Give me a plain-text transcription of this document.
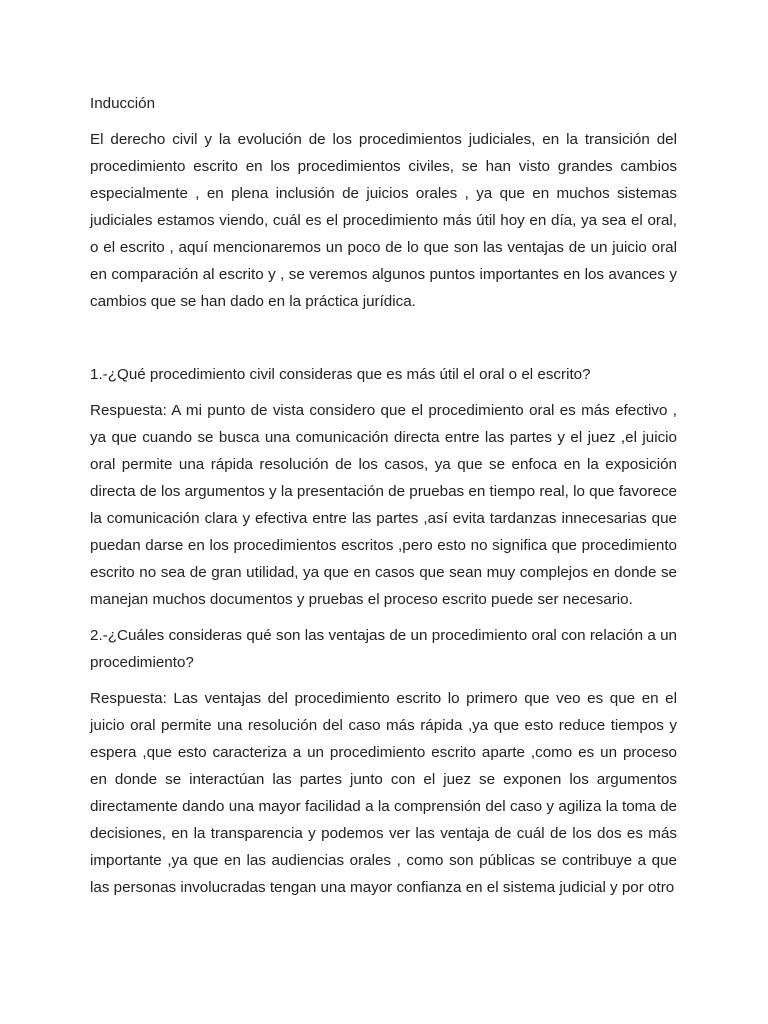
Inducción

El derecho civil y la evolución de los procedimientos judiciales, en la transición del procedimiento escrito en los procedimientos civiles, se han visto grandes cambios especialmente , en plena inclusión de juicios orales , ya que en muchos sistemas judiciales estamos viendo, cuál es el procedimiento más útil hoy en día, ya sea el oral, o el escrito , aquí mencionaremos un poco de lo que son las ventajas de un juicio oral en comparación al escrito y , se veremos algunos puntos importantes en los avances y cambios que se han dado en la práctica jurídica.

1.-¿Qué procedimiento civil consideras que es más útil el oral o el escrito?

Respuesta: A mi punto de vista considero que el procedimiento oral es más efectivo , ya que cuando se busca una comunicación directa entre las partes y el juez ,el juicio oral permite una rápida resolución de los casos, ya que se enfoca en la exposición directa de los argumentos y la presentación de pruebas en tiempo real, lo que favorece la comunicación clara y efectiva entre las partes ,así evita tardanzas innecesarias que puedan darse en los procedimientos escritos ,pero esto no significa que procedimiento escrito no sea de gran utilidad, ya que en casos que sean muy complejos en donde se manejan muchos documentos y pruebas el proceso escrito puede ser necesario.

2.-¿Cuáles consideras qué son las ventajas de un procedimiento oral con relación a un procedimiento?

Respuesta: Las ventajas del procedimiento escrito lo primero que veo es que en el juicio oral permite una resolución del caso más rápida ,ya que esto reduce tiempos y espera ,que esto caracteriza a un procedimiento escrito aparte ,como es un proceso en donde se interactúan las partes junto con el juez se exponen los argumentos directamente dando una mayor facilidad a la comprensión del caso y agiliza la toma de decisiones, en la transparencia y podemos ver las ventaja de cuál de los dos es más importante ,ya que en las audiencias orales , como son públicas se contribuye a que las personas involucradas tengan una mayor confianza en el sistema judicial y por otro
